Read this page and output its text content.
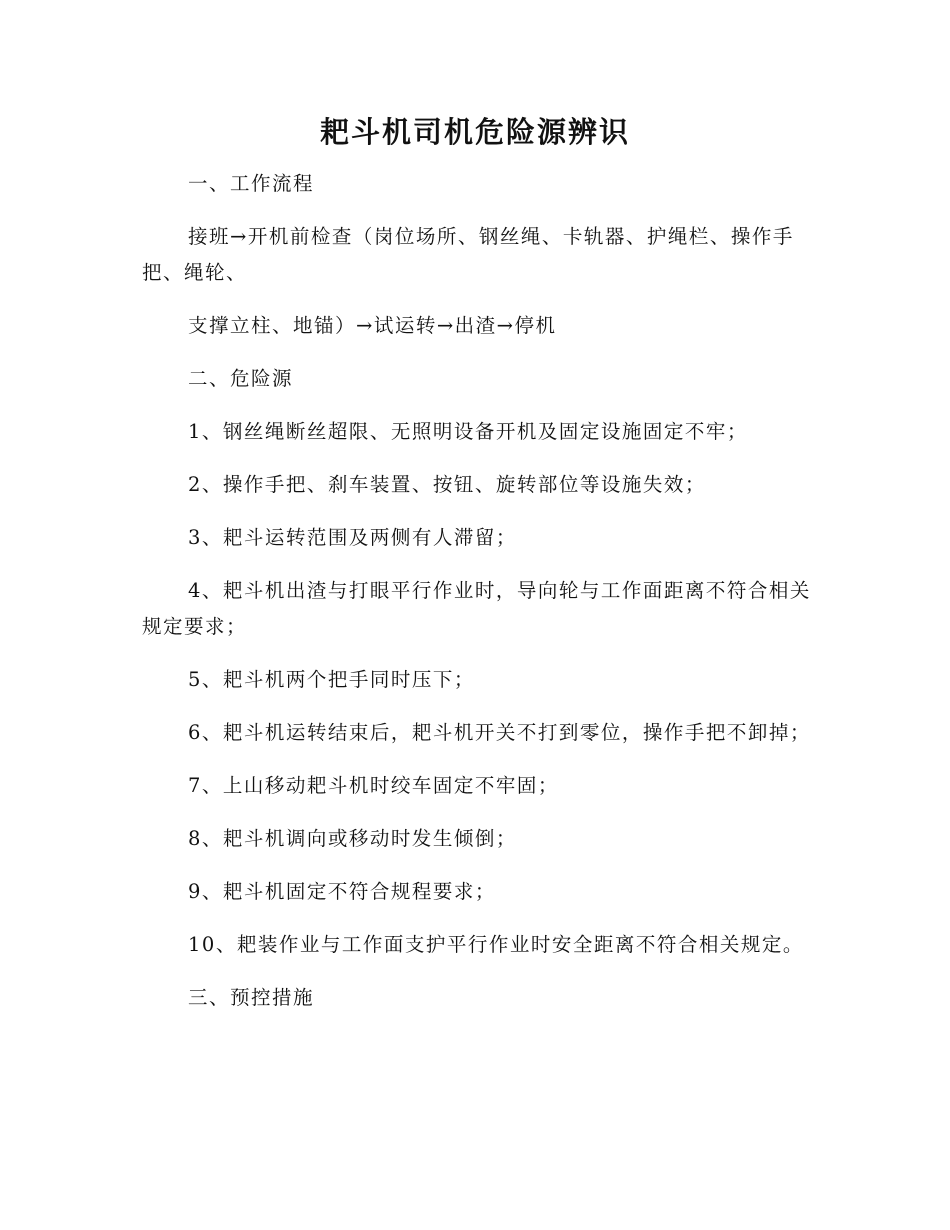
耙斗机司机危险源辨识

一、工作流程

接班→开机前检查（岗位场所、钢丝绳、卡轨器、护绳栏、操作手把、绳轮、

支撑立柱、地锚）→试运转→出渣→停机

二、危险源

1、钢丝绳断丝超限、无照明设备开机及固定设施固定不牢；

2、操作手把、刹车装置、按钮、旋转部位等设施失效；

3、耙斗运转范围及两侧有人滞留；

4、耙斗机出渣与打眼平行作业时，导向轮与工作面距离不符合相关规定要求；

5、耙斗机两个把手同时压下；

6、耙斗机运转结束后，耙斗机开关不打到零位，操作手把不卸掉；

7、上山移动耙斗机时绞车固定不牢固；

8、耙斗机调向或移动时发生倾倒；

9、耙斗机固定不符合规程要求；

10、耙装作业与工作面支护平行作业时安全距离不符合相关规定。

三、预控措施
